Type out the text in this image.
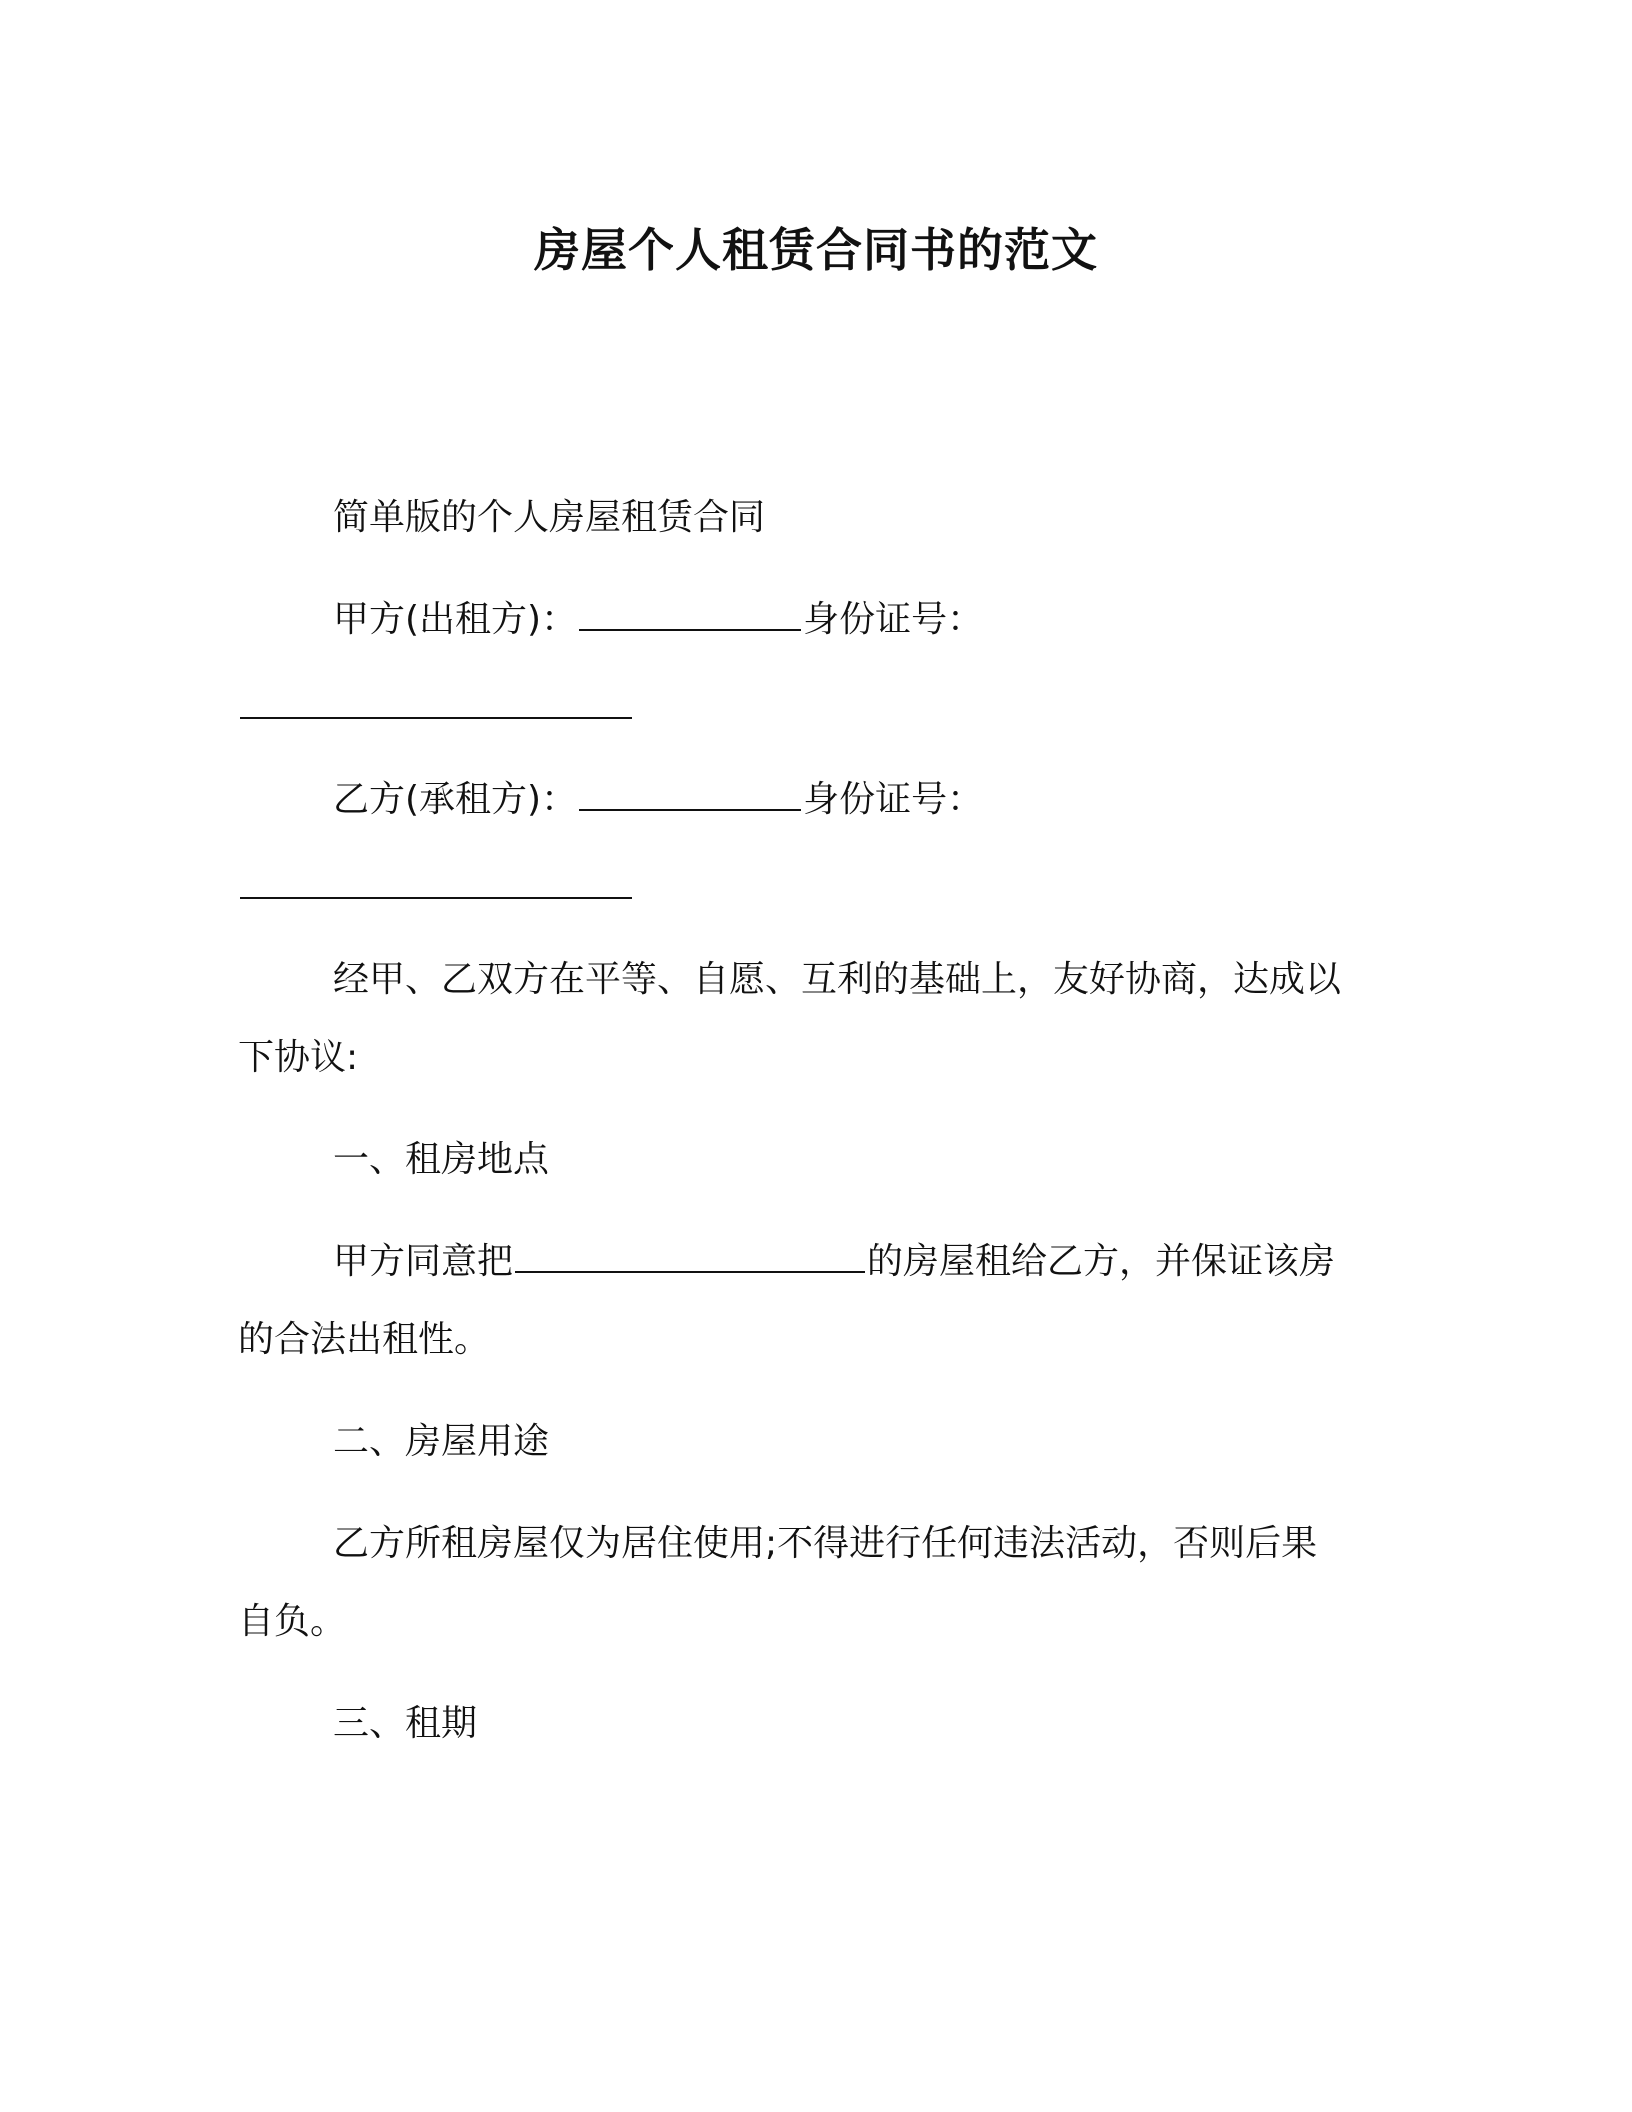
房屋个人租赁合同书的范文
简单版的个人房屋租赁合同
甲方(出租方)：	身份证号：
乙方(承租方)：	身份证号：
经甲、乙双方在平等、自愿、互利的基础上，友好协商，达成以
下协议:
一、租房地点
甲方同意把	的房屋租给乙方，并保证该房
的合法出租性。
二、房屋用途
乙方所租房屋仅为居住使用;不得进行任何违法活动，否则后果
自负。
三、租期
